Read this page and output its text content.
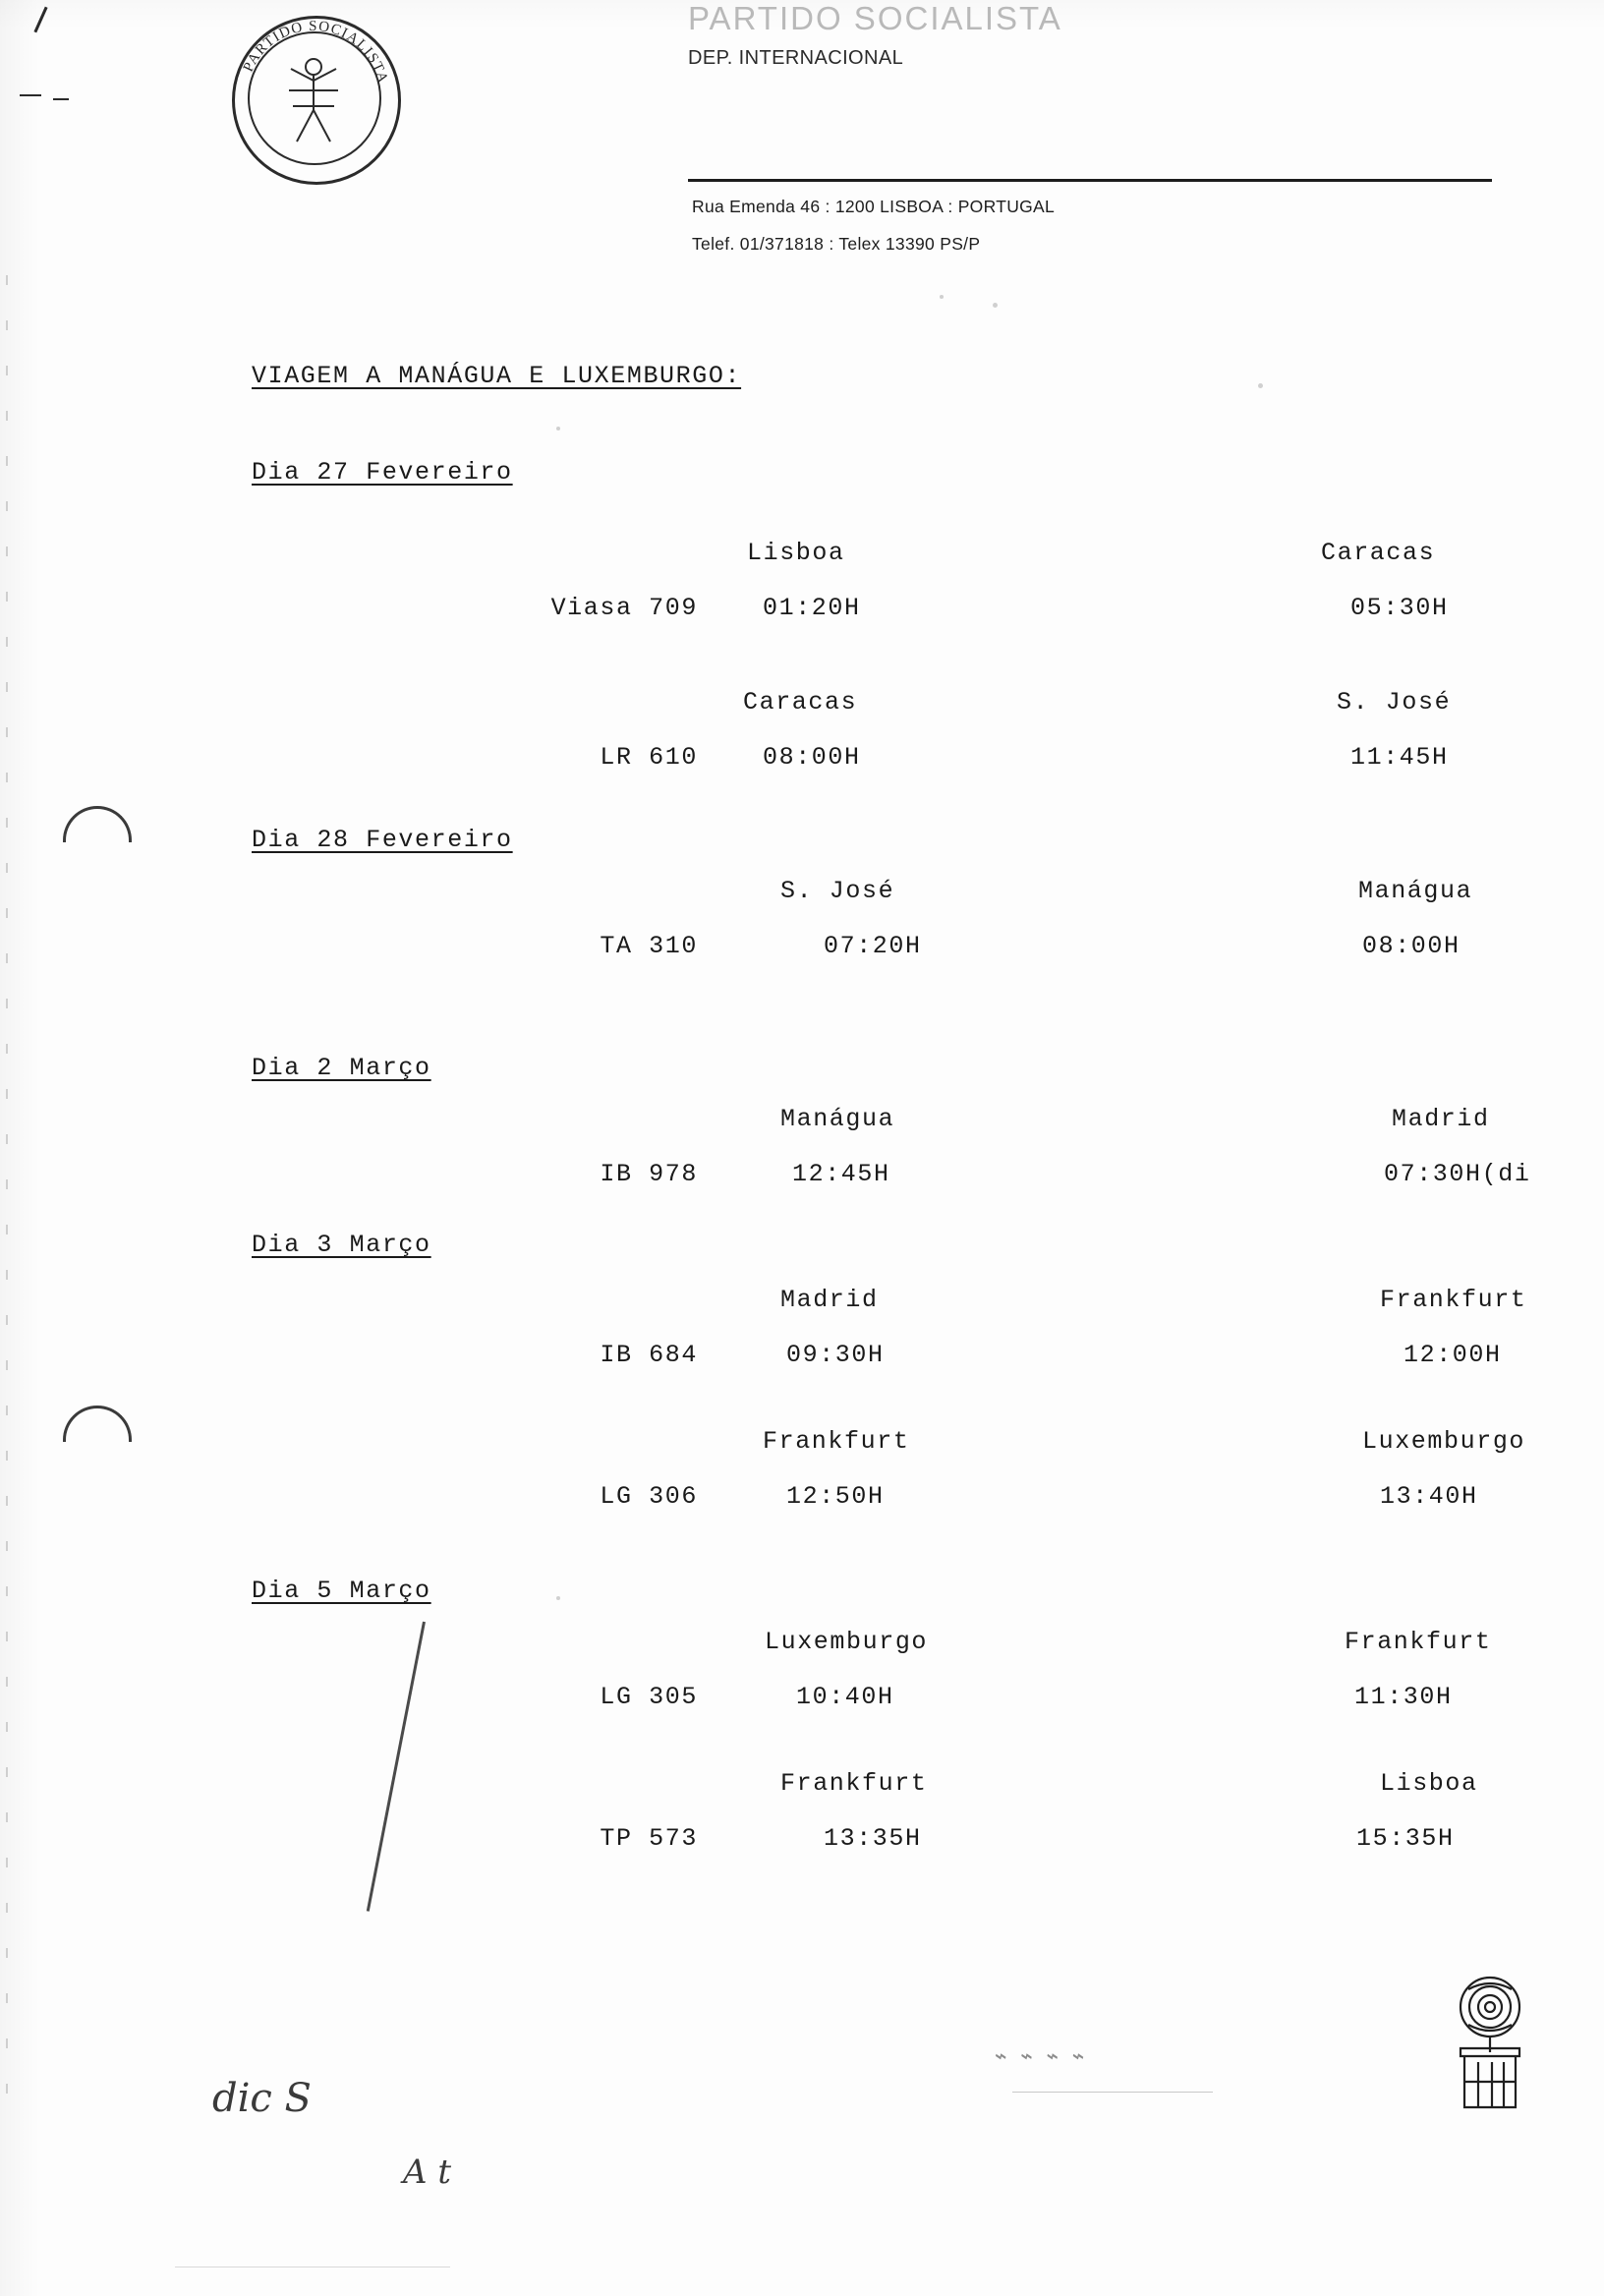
PARTIDO SOCIALISTA
PARTIDO SOCIALISTA
DEP. INTERNACIONAL
Rua Emenda 46 : 1200 LISBOA : PORTUGAL
Telef. 01/371818 : Telex 13390 PS/P
VIAGEM A MANÁGUA E LUXEMBURGO:
Dia 27 Fevereiro
Lisboa	Caracas
Viasa 709	01:20H	05:30H
Caracas	S. José
LR 610	08:00H	11:45H
Dia 28 Fevereiro
S. José	Manágua
TA 310	07:20H	08:00H
Dia 2 Março
Manágua	Madrid
IB 978	12:45H	07:30H(di
Dia 3 Março
Madrid	Frankfurt
IB 684	09:30H	12:00H
Frankfurt	Luxemburgo
LG 306	12:50H	13:40H
Dia 5 Março
Luxemburgo	Frankfurt
LG 305	10:40H	11:30H
Frankfurt	Lisboa
TP 573	13:35H	15:35H
dic S
A t
⌁ ⌁ ⌁ ⌁
